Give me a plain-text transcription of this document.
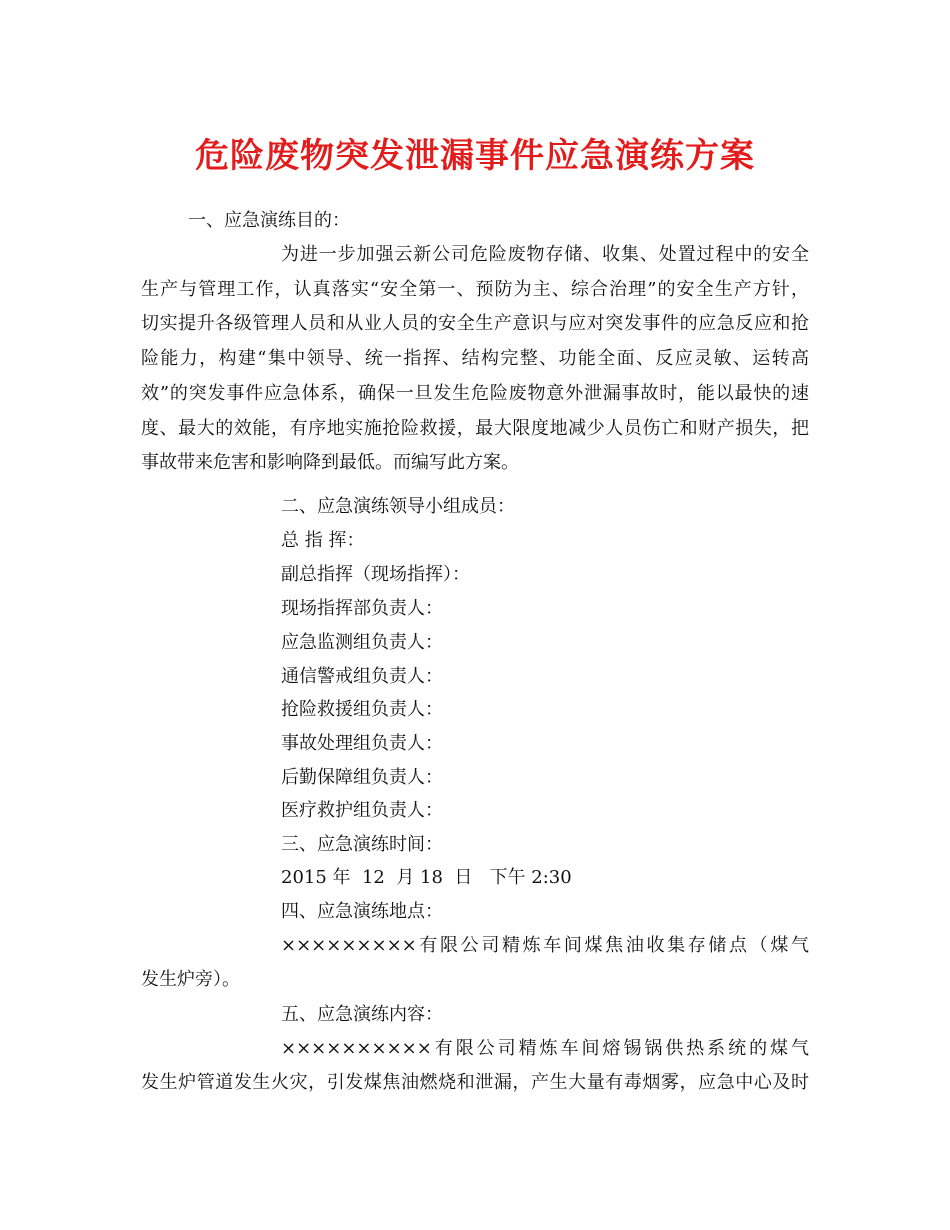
危险废物突发泄漏事件应急演练方案

一、应急演练目的：

为进一步加强云新公司危险废物存储、收集、处置过程中的安全

生产与管理工作，认真落实“安全第一、预防为主、综合治理”的安全生产方针，

切实提升各级管理人员和从业人员的安全生产意识与应对突发事件的应急反应和抢

险能力，构建“集中领导、统一指挥、结构完整、功能全面、反应灵敏、运转高

效”的突发事件应急体系，确保一旦发生危险废物意外泄漏事故时，能以最快的速

度、最大的效能，有序地实施抢险救援，最大限度地减少人员伤亡和财产损失，把

事故带来危害和影响降到最低。而编写此方案。

二、应急演练领导小组成员：

总 指 挥：

副总指挥（现场指挥）：

现场指挥部负责人：

应急监测组负责人：

通信警戒组负责人：

抢险救援组负责人：

事故处理组负责人：

后勤保障组负责人：

医疗救护组负责人：

三、应急演练时间：

2015 年  12  月 18  日   下午 2:30

四、应急演练地点：

×××××××××有限公司精炼车间煤焦油收集存储点（煤气

发生炉旁）。

五、应急演练内容：

××××××××××有限公司精炼车间熔锡锅供热系统的煤气

发生炉管道发生火灾，引发煤焦油燃烧和泄漏，产生大量有毒烟雾，应急中心及时
